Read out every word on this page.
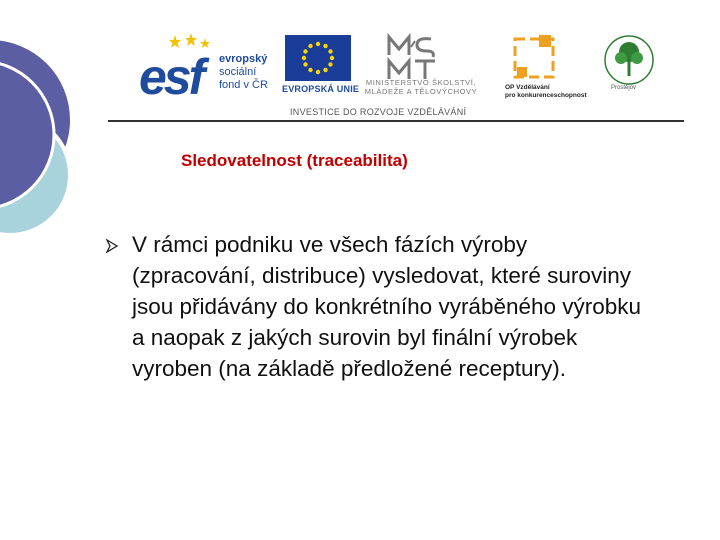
esf evropský
sociální
fond v ČR EVROPSKÁ UNIE
MINISTERSTVO ŠKOLSTVÍ,
MLÁDEŽE A TĚLOVÝCHOVY	OP Vzdělávání
pro konkurenceschopnost
Prostějov
INVESTICE DO ROZVOJE VZDĚLÁVÁNÍ
Sledovatelnost (traceabilita)
V rámci podniku ve všech fázích výroby (zpracování, distribuce) vysledovat, které suroviny jsou přidávány do konkrétního vyráběného výrobku a naopak z jakých surovin byl finální výrobek vyroben (na základě předložené receptury).
